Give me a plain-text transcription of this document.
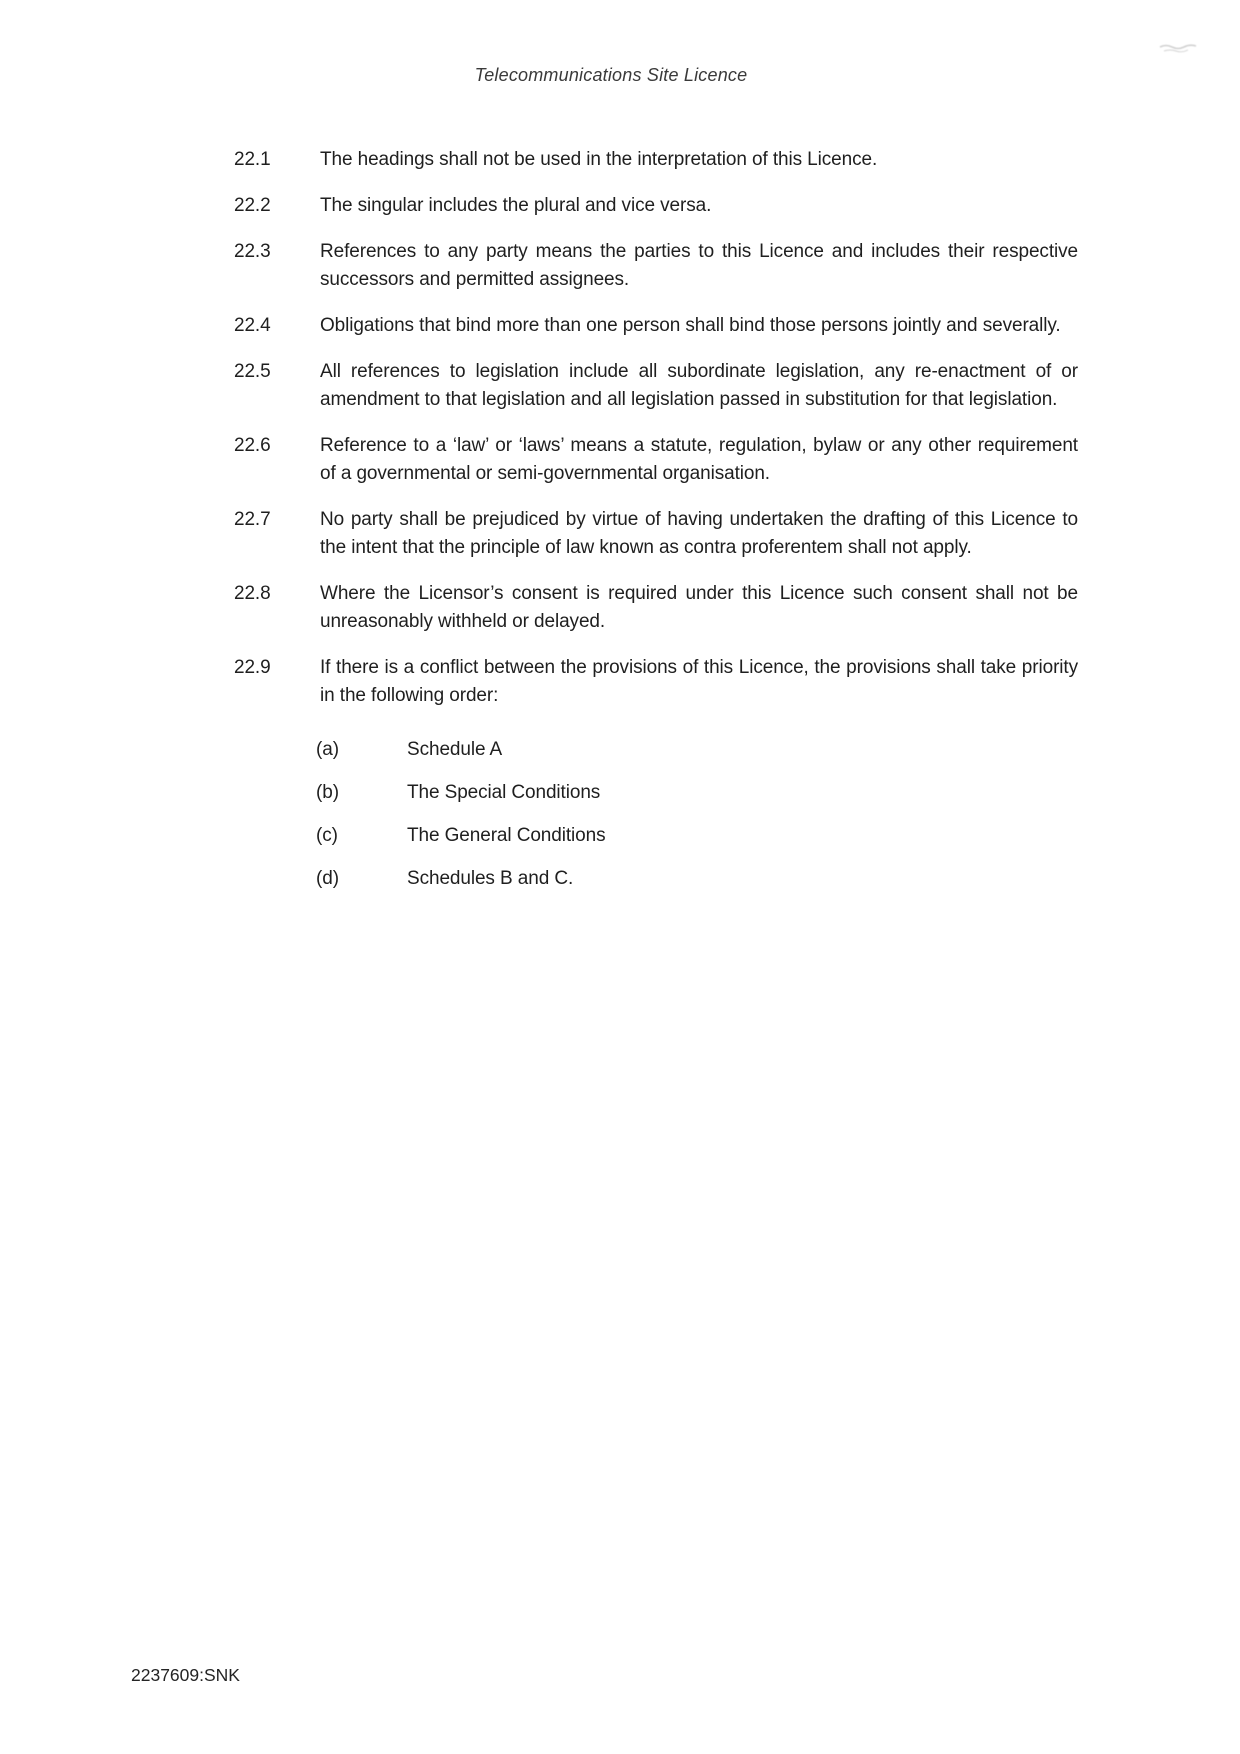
Telecommunications Site Licence
22.1	The headings shall not be used in the interpretation of this Licence.
22.2	The singular includes the plural and vice versa.
22.3	References to any party means the parties to this Licence and includes their respective successors and permitted assignees.
22.4	Obligations that bind more than one person shall bind those persons jointly and severally.
22.5	All references to legislation include all subordinate legislation, any re-enactment of or amendment to that legislation and all legislation passed in substitution for that legislation.
22.6	Reference to a ‘law’ or ‘laws’ means a statute, regulation, bylaw or any other requirement of a governmental or semi-governmental organisation.
22.7	No party shall be prejudiced by virtue of having undertaken the drafting of this Licence to the intent that the principle of law known as contra proferentem shall not apply.
22.8	Where the Licensor’s consent is required under this Licence such consent shall not be unreasonably withheld or delayed.
22.9	If there is a conflict between the provisions of this Licence, the provisions shall take priority in the following order:
(a)	Schedule A
(b)	The Special Conditions
(c)	The General Conditions
(d)	Schedules B and C.
2237609:SNK
